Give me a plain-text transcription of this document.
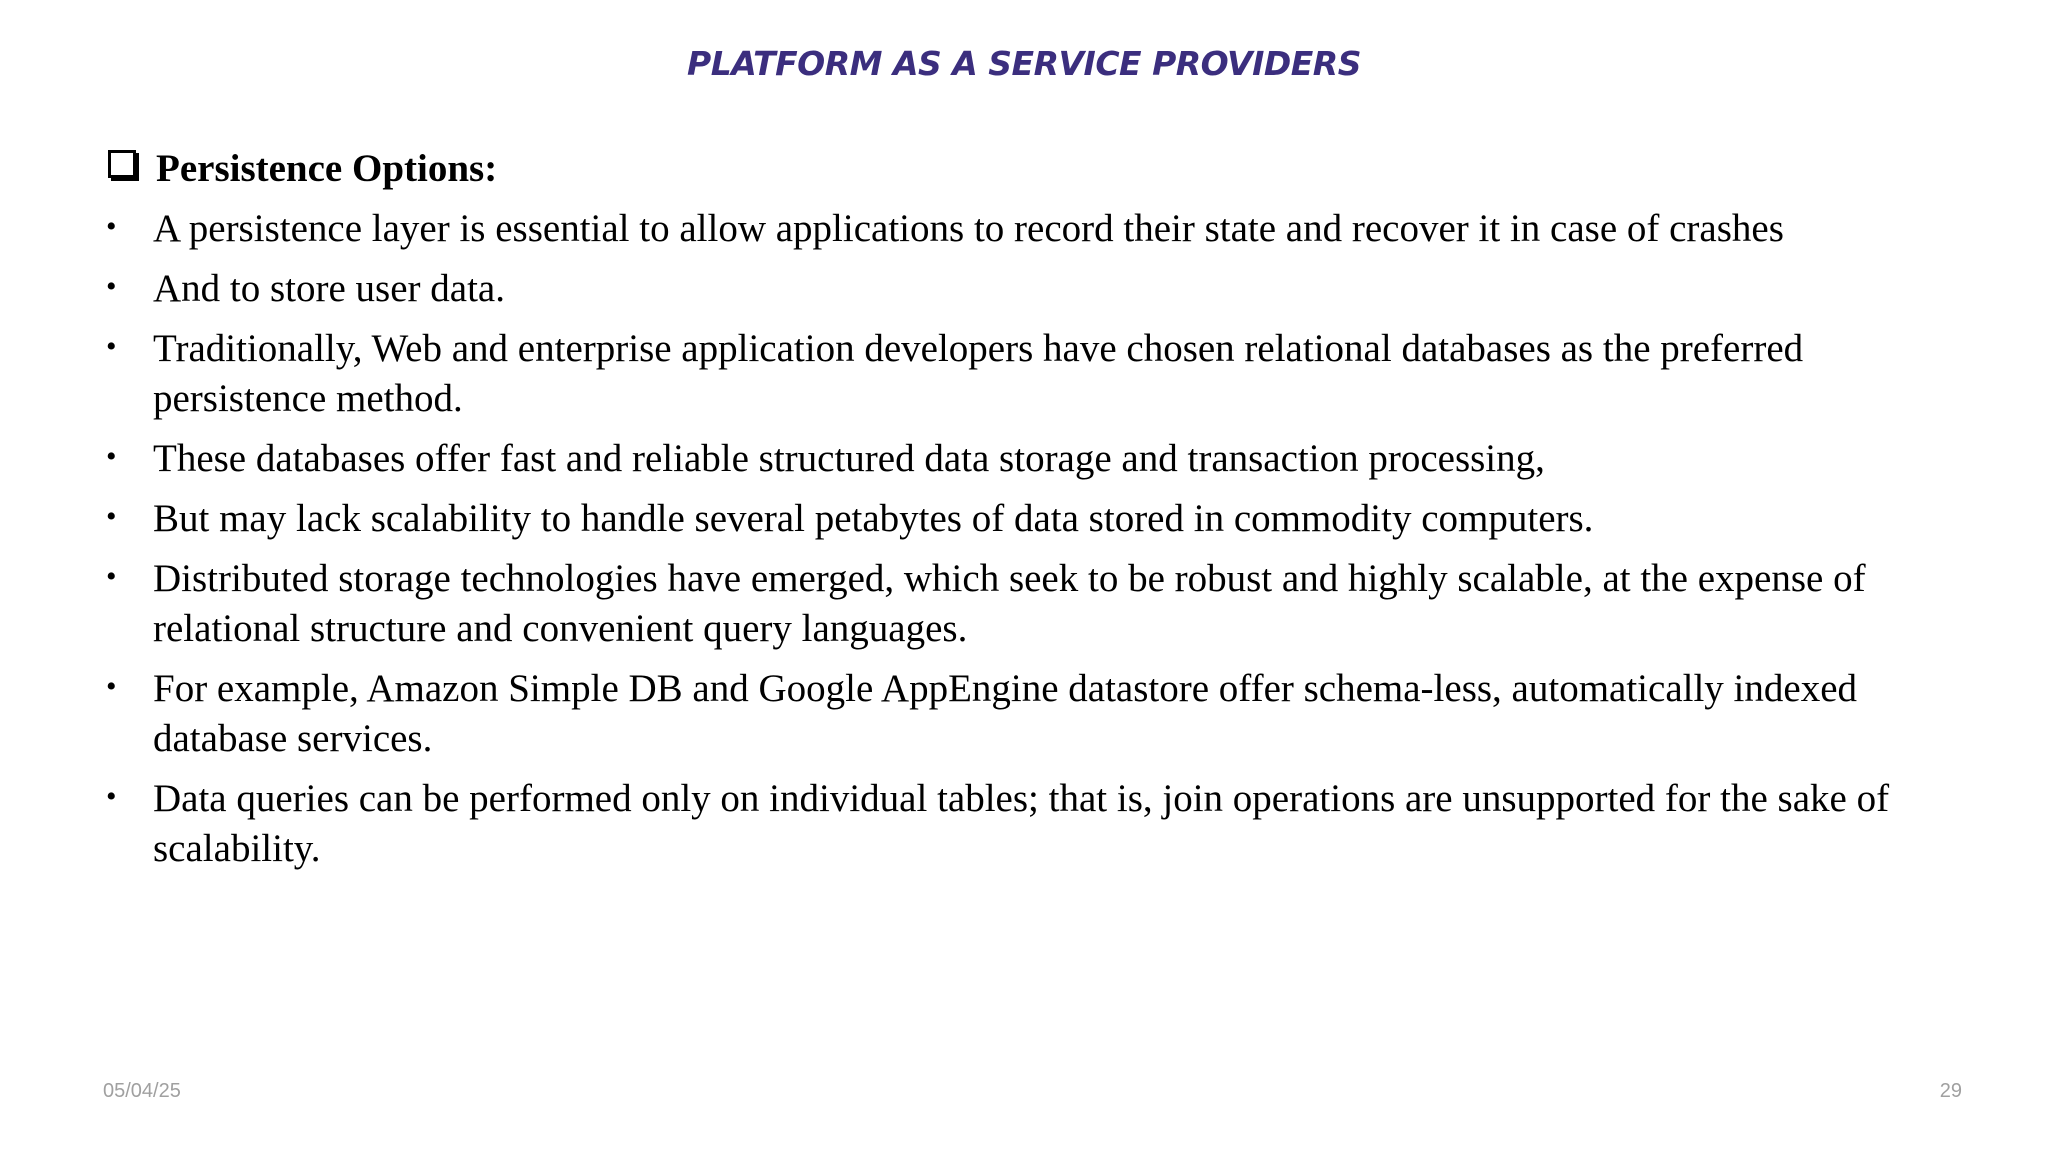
PLATFORM AS A SERVICE PROVIDERS
Persistence Options:
• A persistence layer is essential to allow applications to record their state and recover it in case of crashes
• And to store user data.
• Traditionally, Web and enterprise application developers have chosen relational databases as the preferred persistence method.
• These databases offer fast and reliable structured data storage and transaction processing,
• But may lack scalability to handle several petabytes of data stored in commodity computers.
• Distributed storage technologies have emerged, which seek to be robust and highly scalable, at the expense of relational structure and convenient query languages.
• For example, Amazon Simple DB and Google AppEngine datastore offer schema-less, automatically indexed database services.
• Data queries can be performed only on individual tables; that is, join operations are unsupported for the sake of scalability.
05/04/25	29
